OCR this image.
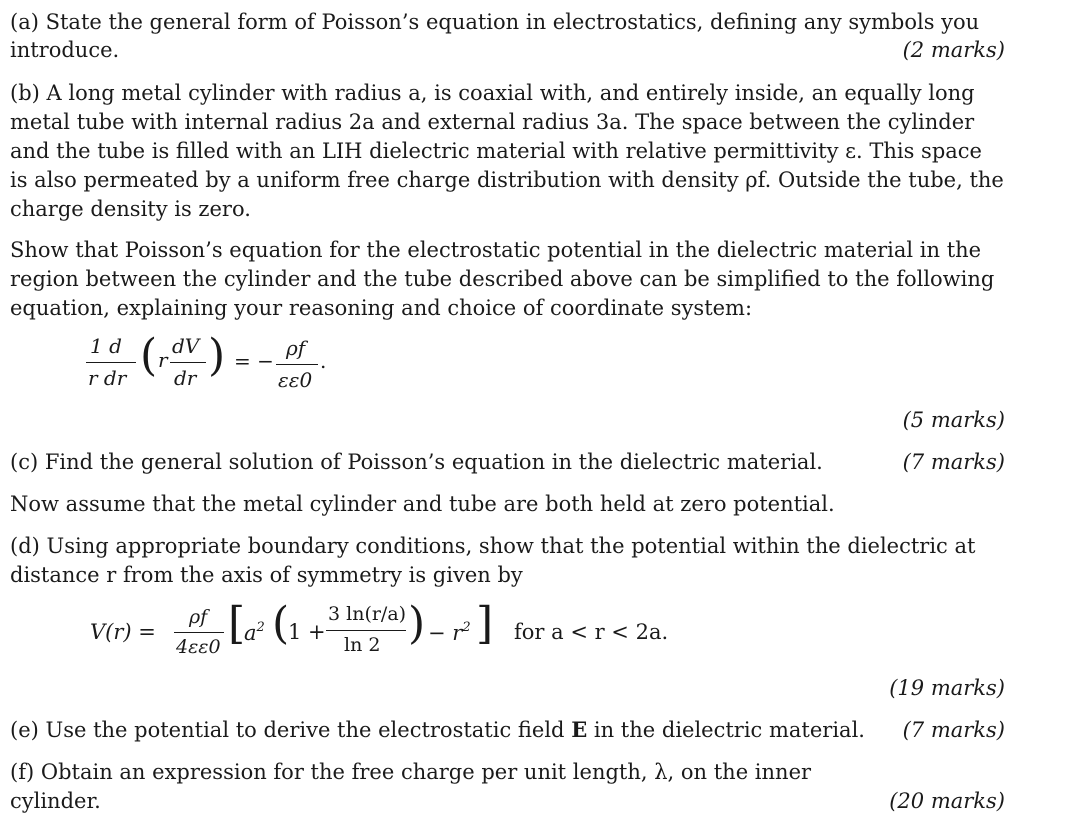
(a) State the general form of Poisson’s equation in electrostatics, defining any symbols you
introduce.	(2 marks)
(b) A long metal cylinder with radius a, is coaxial with, and entirely inside, an equally long
metal tube with internal radius 2a and external radius 3a. The space between the cylinder
and the tube is filled with an LIH dielectric material with relative permittivity ε. This space
is also permeated by a uniform free charge distribution with density ρf. Outside the tube, the
charge density is zero.
Show that Poisson’s equation for the electrostatic potential in the dielectric material in the
region between the cylinder and the tube described above can be simplified to the following
equation, explaining your reasoning and choice of coordinate system:
1 d
r dr ( r
dV
dr ) = −
ρf
εε0
.
(5 marks)
(c) Find the general solution of Poisson’s equation in the dielectric material.	(7 marks)
Now assume that the metal cylinder and tube are both held at zero potential.
(d) Using appropriate boundary conditions, show that the potential within the dielectric at
distance r from the axis of symmetry is given by
V(r) =
ρf
4εε0 [
$a^2$ (
1 +
3 ln(r/a)
ln 2 ) − $r^2$ ] for a < r < 2a.
(19 marks)
(e) Use the potential to derive the electrostatic field E in the dielectric material. (7 marks)
(f) Obtain an expression for the free charge per unit length, λ, on the inner
cylinder.	(20 marks)
